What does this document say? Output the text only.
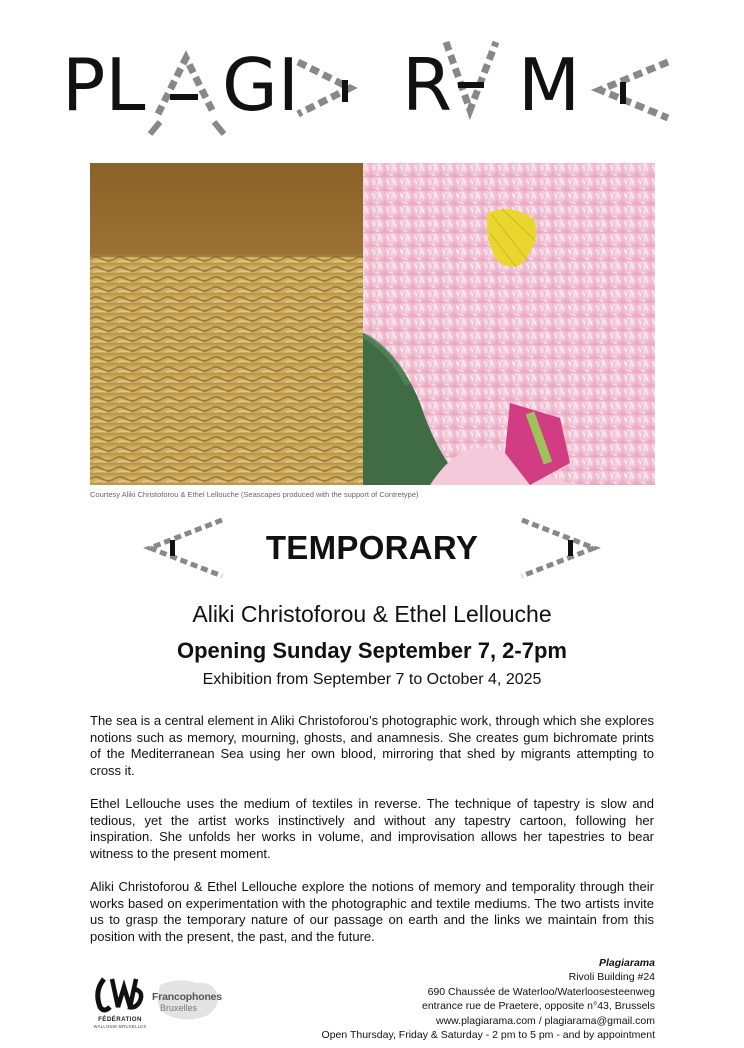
PL GI R M
Courtesy Aliki Christoforou & Ethel Lellouche (Seascapes produced with the support of Contretype)
TEMPORARY
Aliki Christoforou & Ethel Lellouche
Opening Sunday September 7, 2-7pm
Exhibition from September 7 to October 4, 2025
The sea is a central element in Aliki Christoforou’s photographic work, through which she explores notions such as memory, mourning, ghosts, and anamnesis. She creates gum bichromate prints of the Mediterranean Sea using her own blood, mirroring that shed by migrants attempting to cross it.
Ethel Lellouche uses the medium of textiles in reverse. The technique of tapestry is slow and tedious, yet the artist works instinctively and without any tapestry cartoon, following her inspiration. She unfolds her works in volume, and improvisation allows her tapestries to bear witness to the present moment.
Aliki Christoforou & Ethel Lellouche explore the notions of memory and temporality through their works based on experimentation with the photographic and textile mediums. The two artists invite us to grasp the temporary nature of our passage on earth and the links we maintain from this position with the present, the past, and the future.
FÉDÉRATION
WALLONIE-BRUXELLES
Francophones
Bruxelles
Plagiarama
Rivoli Building #24
690 Chaussée de Waterloo/Waterloosesteenweg
entrance rue de Praetere, opposite n°43, Brussels
www.plagiarama.com / plagiarama@gmail.com
Open Thursday, Friday & Saturday - 2 pm to 5 pm - and by appointment
